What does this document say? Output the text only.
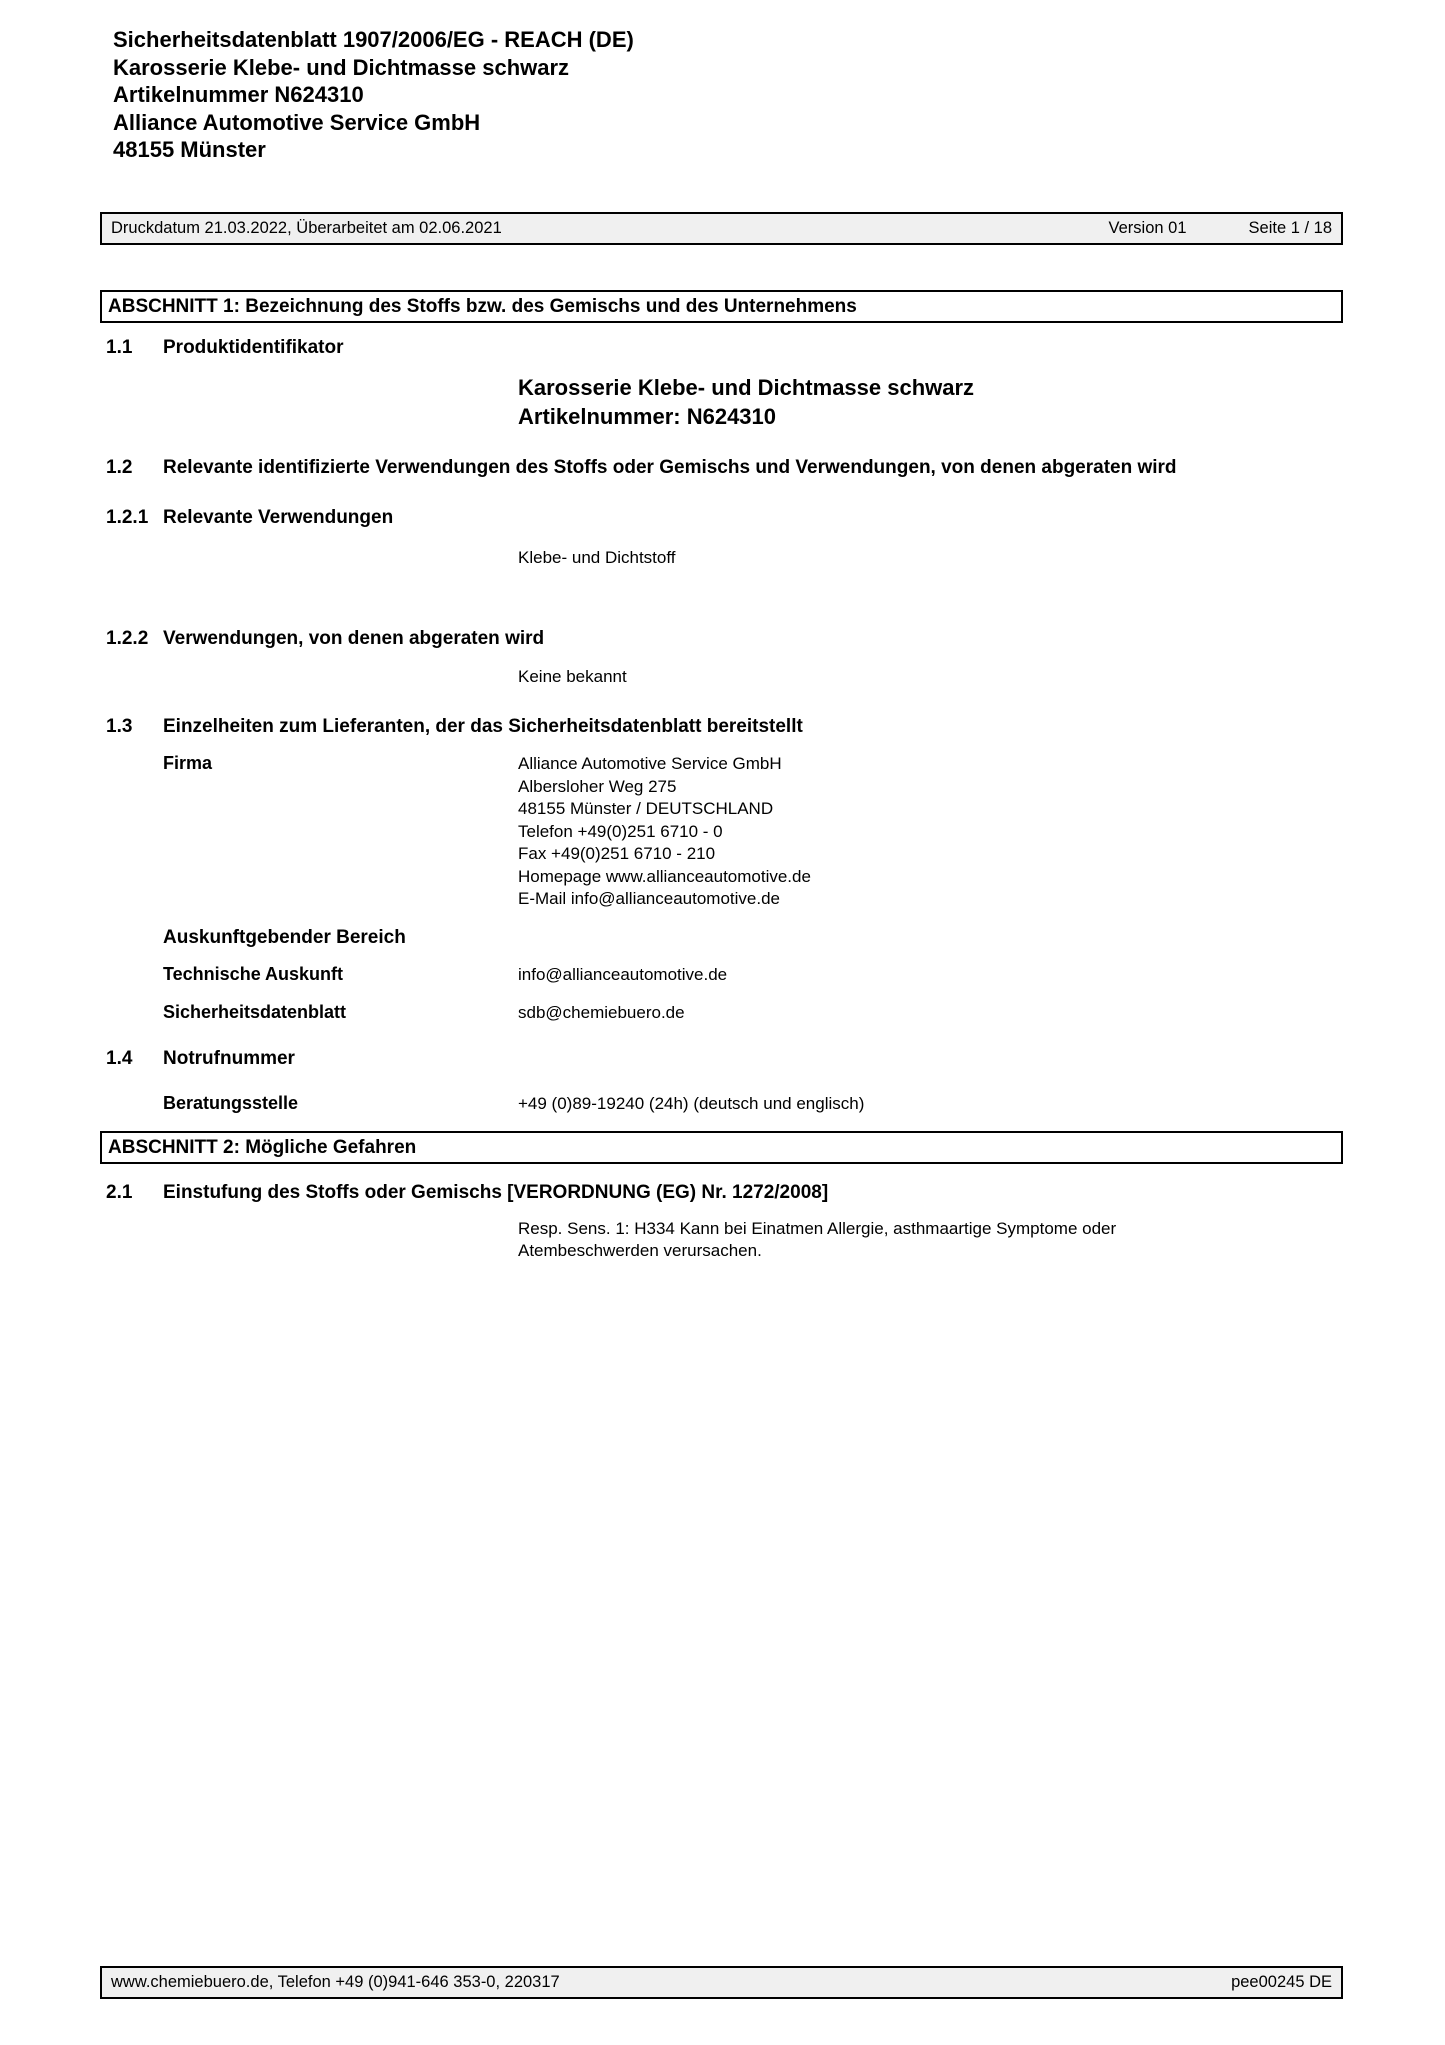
Sicherheitsdatenblatt 1907/2006/EG - REACH (DE)
Karosserie Klebe- und Dichtmasse schwarz
Artikelnummer N624310
Alliance Automotive Service GmbH
48155 Münster
Druckdatum 21.03.2022, Überarbeitet am 02.06.2021	Version 01	Seite 1 / 18
ABSCHNITT 1: Bezeichnung des Stoffs bzw. des Gemischs und des Unternehmens
1.1 Produktidentifikator
Karosserie Klebe- und Dichtmasse schwarz
Artikelnummer: N624310
1.2 Relevante identifizierte Verwendungen des Stoffs oder Gemischs und Verwendungen, von denen abgeraten wird
1.2.1 Relevante Verwendungen
Klebe- und Dichtstoff
1.2.2 Verwendungen, von denen abgeraten wird
Keine bekannt
1.3 Einzelheiten zum Lieferanten, der das Sicherheitsdatenblatt bereitstellt
Firma	Alliance Automotive Service GmbH
Albersloher Weg 275
48155 Münster / DEUTSCHLAND
Telefon +49(0)251 6710 - 0
Fax +49(0)251 6710 - 210
Homepage www.allianceautomotive.de
E-Mail info@allianceautomotive.de
Auskunftgebender Bereich
Technische Auskunft	info@allianceautomotive.de
Sicherheitsdatenblatt	sdb@chemiebuero.de
1.4 Notrufnummer
Beratungsstelle	+49 (0)89-19240 (24h) (deutsch und englisch)
ABSCHNITT 2: Mögliche Gefahren
2.1 Einstufung des Stoffs oder Gemischs [VERORDNUNG (EG) Nr. 1272/2008]
Resp. Sens. 1: H334 Kann bei Einatmen Allergie, asthmaartige Symptome oder
Atembeschwerden verursachen.
www.chemiebuero.de, Telefon +49 (0)941-646 353-0, 220317	pee00245 DE
